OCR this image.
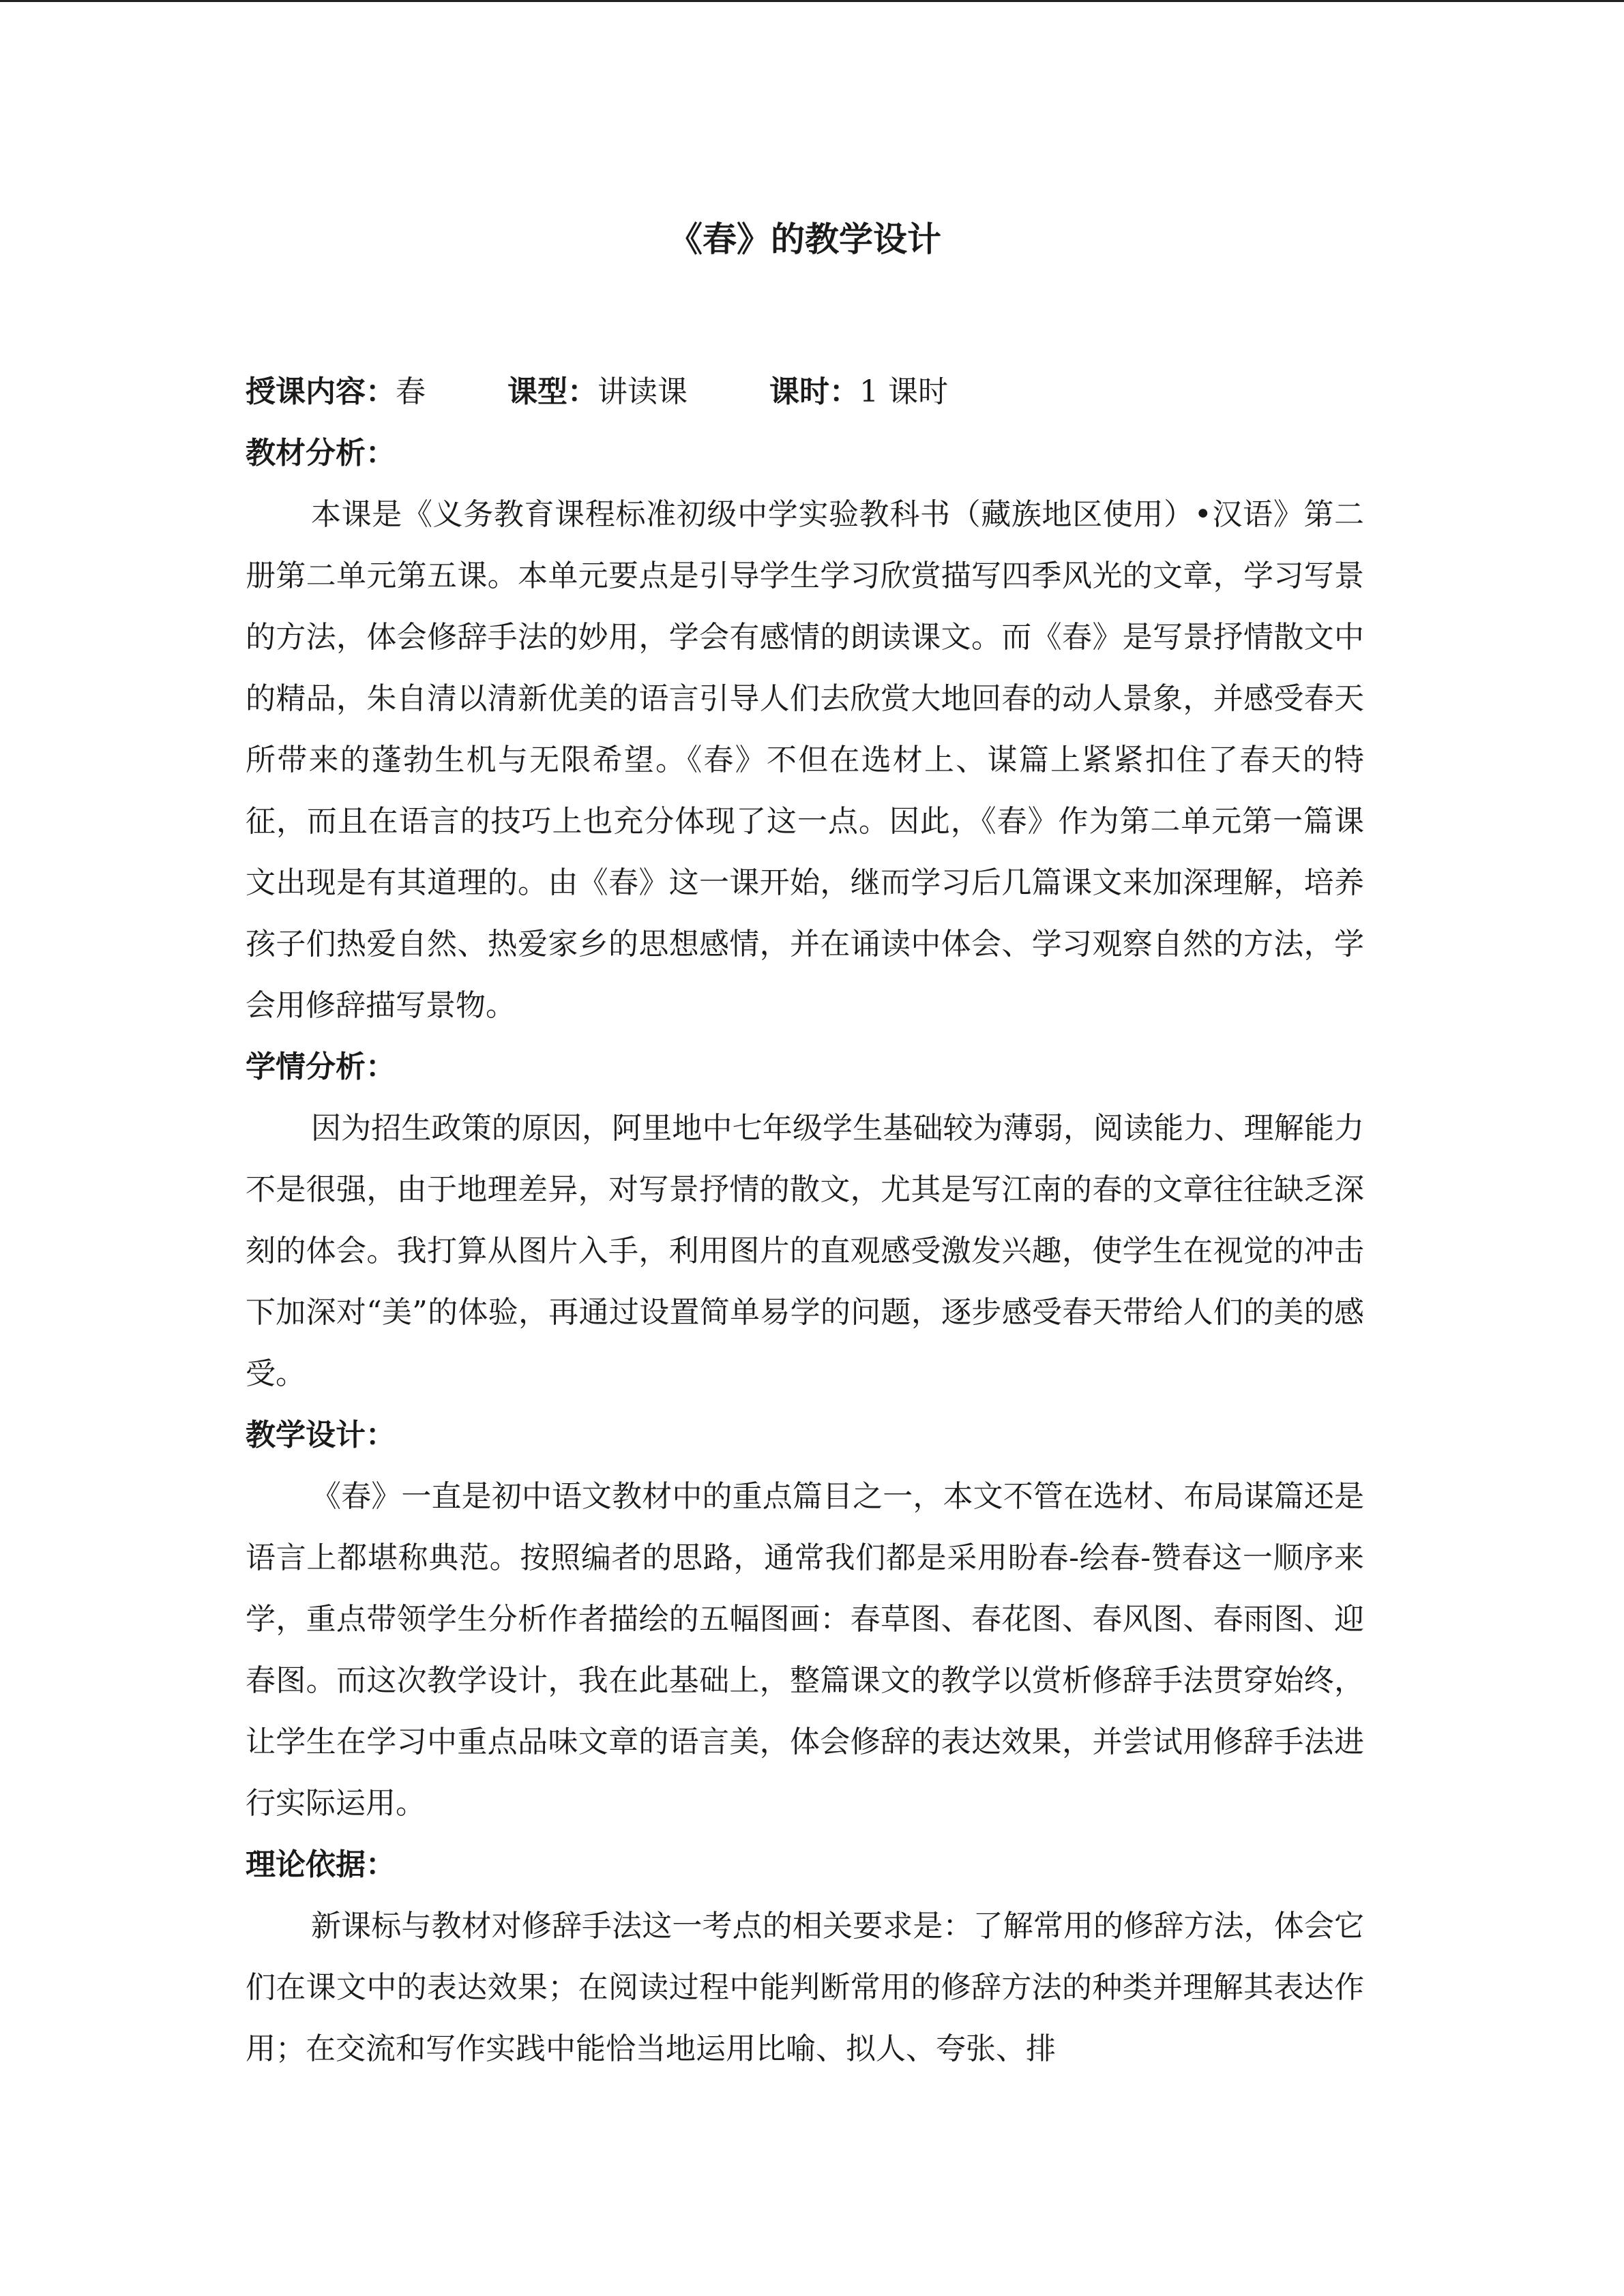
《春》的教学设计
授课内容：春	课型：讲读课	课时：1 课时
教材分析：

本课是《义务教育课程标准初级中学实验教科书（藏族地区使用）•汉语》第二册第二单元第五课。本单元要点是引导学生学习欣赏描写四季风光的文章，学习写景的方法，体会修辞手法的妙用，学会有感情的朗读课文。而《春》是写景抒情散文中的精品，朱自清以清新优美的语言引导人们去欣赏大地回春的动人景象，并感受春天所带来的蓬勃生机与无限希望。《春》不但在选材上、谋篇上紧紧扣住了春天的特征，而且在语言的技巧上也充分体现了这一点。因此，《春》作为第二单元第一篇课文出现是有其道理的。由《春》这一课开始，继而学习后几篇课文来加深理解，培养孩子们热爱自然、热爱家乡的思想感情，并在诵读中体会、学习观察自然的方法，学会用修辞描写景物。

学情分析：

因为招生政策的原因，阿里地中七年级学生基础较为薄弱，阅读能力、理解能力不是很强，由于地理差异，对写景抒情的散文，尤其是写江南的春的文章往往缺乏深刻的体会。我打算从图片入手，利用图片的直观感受激发兴趣，使学生在视觉的冲击下加深对“美”的体验，再通过设置简单易学的问题，逐步感受春天带给人们的美的感受。

教学设计：

《春》一直是初中语文教材中的重点篇目之一，本文不管在选材、布局谋篇还是语言上都堪称典范。按照编者的思路，通常我们都是采用盼春-绘春-赞春这一顺序来学，重点带领学生分析作者描绘的五幅图画：春草图、春花图、春风图、春雨图、迎春图。而这次教学设计，我在此基础上，整篇课文的教学以赏析修辞手法贯穿始终，让学生在学习中重点品味文章的语言美，体会修辞的表达效果，并尝试用修辞手法进行实际运用。

理论依据：

新课标与教材对修辞手法这一考点的相关要求是：了解常用的修辞方法，体会它们在课文中的表达效果；在阅读过程中能判断常用的修辞方法的种类并理解其表达作用；在交流和写作实践中能恰当地运用比喻、拟人、夸张、排
